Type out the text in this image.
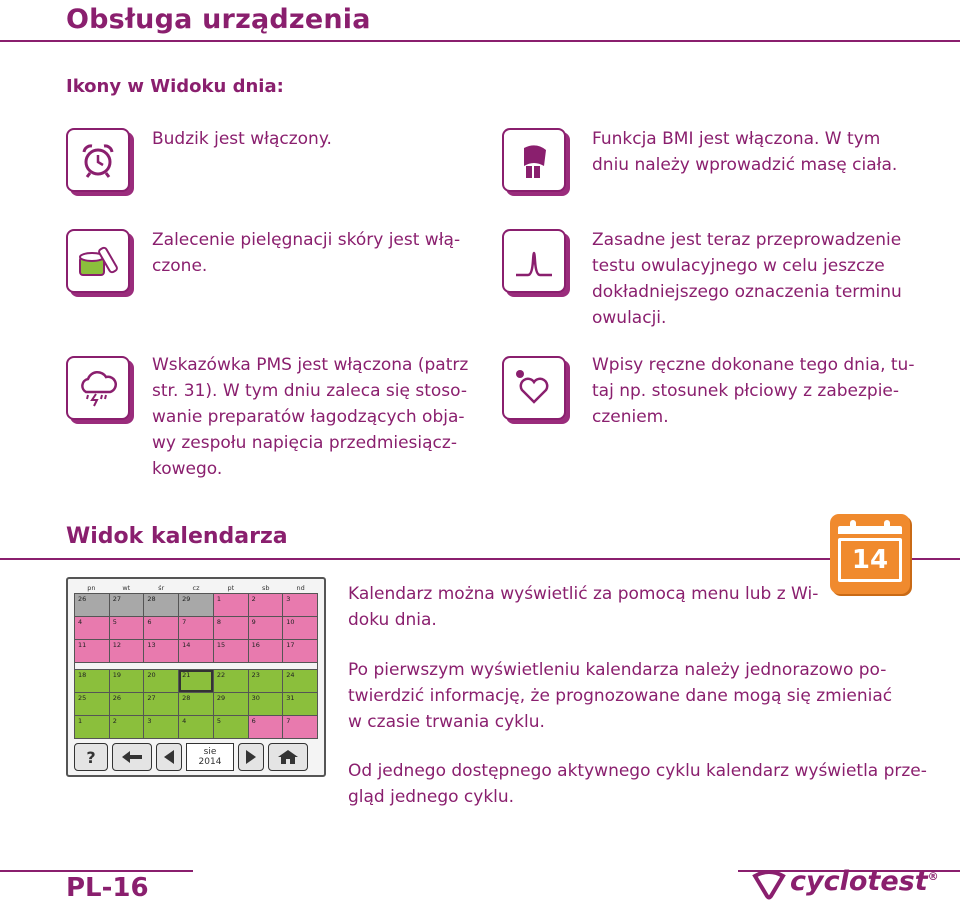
Obsługa urządzenia
Ikony w Widoku dnia:
Budzik jest włączony.	Funkcja BMI jest włączona. W tym
dniu należy wprowadzić masę ciała.
Zalecenie pielęgnacji skóry jest włą-
czone.
Zasadne jest teraz przeprowadzenie
testu owulacyjnego w celu jeszcze
dokładniejszego oznaczenia terminu
owulacji.
Wskazówka PMS jest włączona (patrz
str. 31). W tym dniu zaleca się stoso-
wanie preparatów łagodzących obja-
wy zespołu napięcia przedmiesiącz-
kowego.
Wpisy ręczne dokonane tego dnia, tu-
taj np. stosunek płciowy z zabezpie-
czeniem.
Widok kalendarza
14
pn	wt	śr	cz	pt	sb	nd
26	27	28	29	1	2	3
4	5	6	7	8	9	10
11	12	13	14	15	16	17
18	19	20	21	22	23	24
25	26	27	28	29	30	31
1	2	3	4	5	6	7
?	sie
2014
Kalendarz można wyświetlić za pomocą menu lub z Wi-
doku dnia.
Po pierwszym wyświetleniu kalendarza należy jednorazowo po-
twierdzić informację, że prognozowane dane mogą się zmieniać
w czasie trwania cyklu.
Od jednego dostępnego aktywnego cyklu kalendarz wyświetla prze-
gląd jednego cyklu.
PL-16	cyclotest®
